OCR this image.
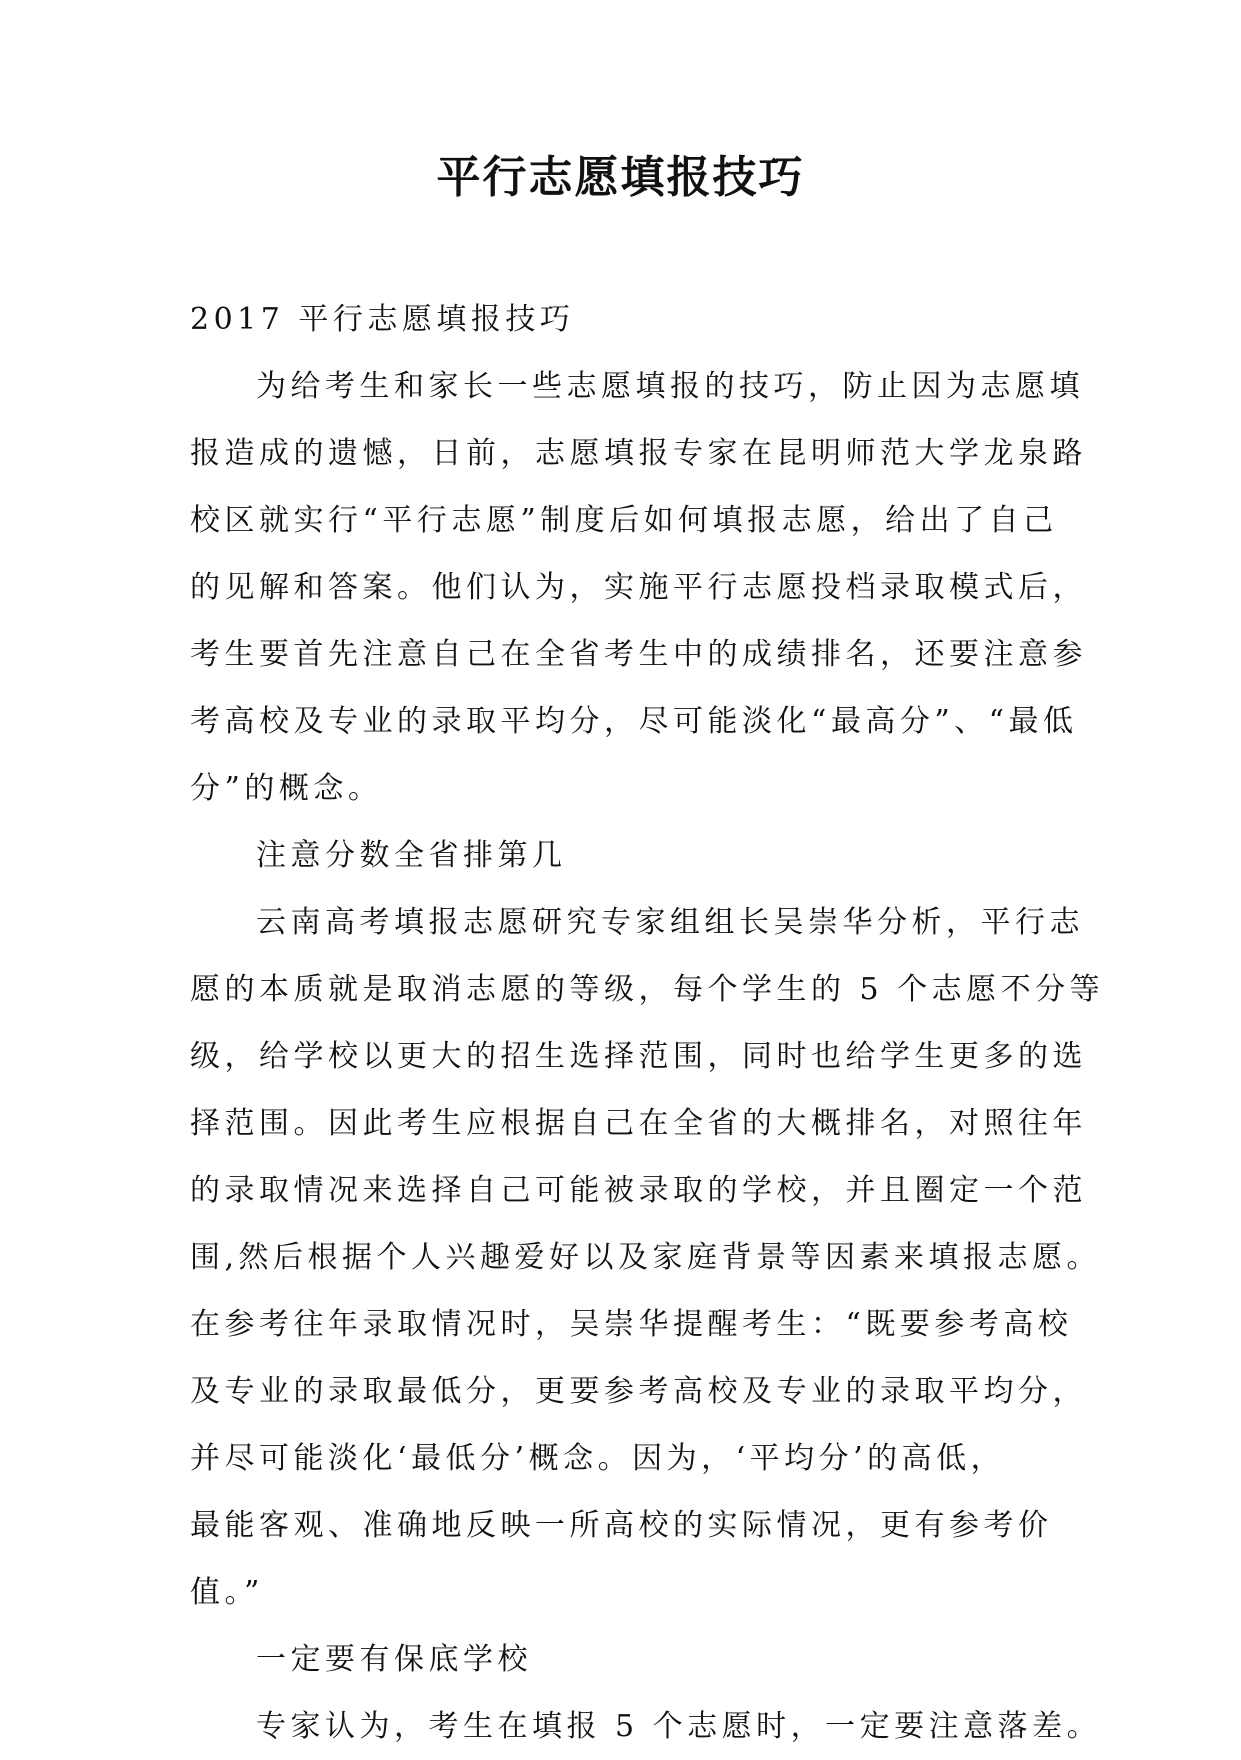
平行志愿填报技巧
2017 平行志愿填报技巧
为给考生和家长一些志愿填报的技巧，防止因为志愿填
报造成的遗憾，日前，志愿填报专家在昆明师范大学龙泉路
校区就实行“平行志愿”制度后如何填报志愿，给出了自己
的见解和答案。他们认为，实施平行志愿投档录取模式后，
考生要首先注意自己在全省考生中的成绩排名，还要注意参
考高校及专业的录取平均分，尽可能淡化“最高分”、“最低
分”的概念。
注意分数全省排第几
云南高考填报志愿研究专家组组长吴崇华分析，平行志
愿的本质就是取消志愿的等级，每个学生的 5 个志愿不分等
级，给学校以更大的招生选择范围，同时也给学生更多的选
择范围。因此考生应根据自己在全省的大概排名，对照往年
的录取情况来选择自己可能被录取的学校，并且圈定一个范
围,然后根据个人兴趣爱好以及家庭背景等因素来填报志愿。
在参考往年录取情况时，吴崇华提醒考生：“既要参考高校
及专业的录取最低分，更要参考高校及专业的录取平均分，
并尽可能淡化‘最低分’概念。因为，‘平均分’的高低，
最能客观、准确地反映一所高校的实际情况，更有参考价
值。”
一定要有保底学校
专家认为，考生在填报 5 个志愿时，一定要注意落差。
